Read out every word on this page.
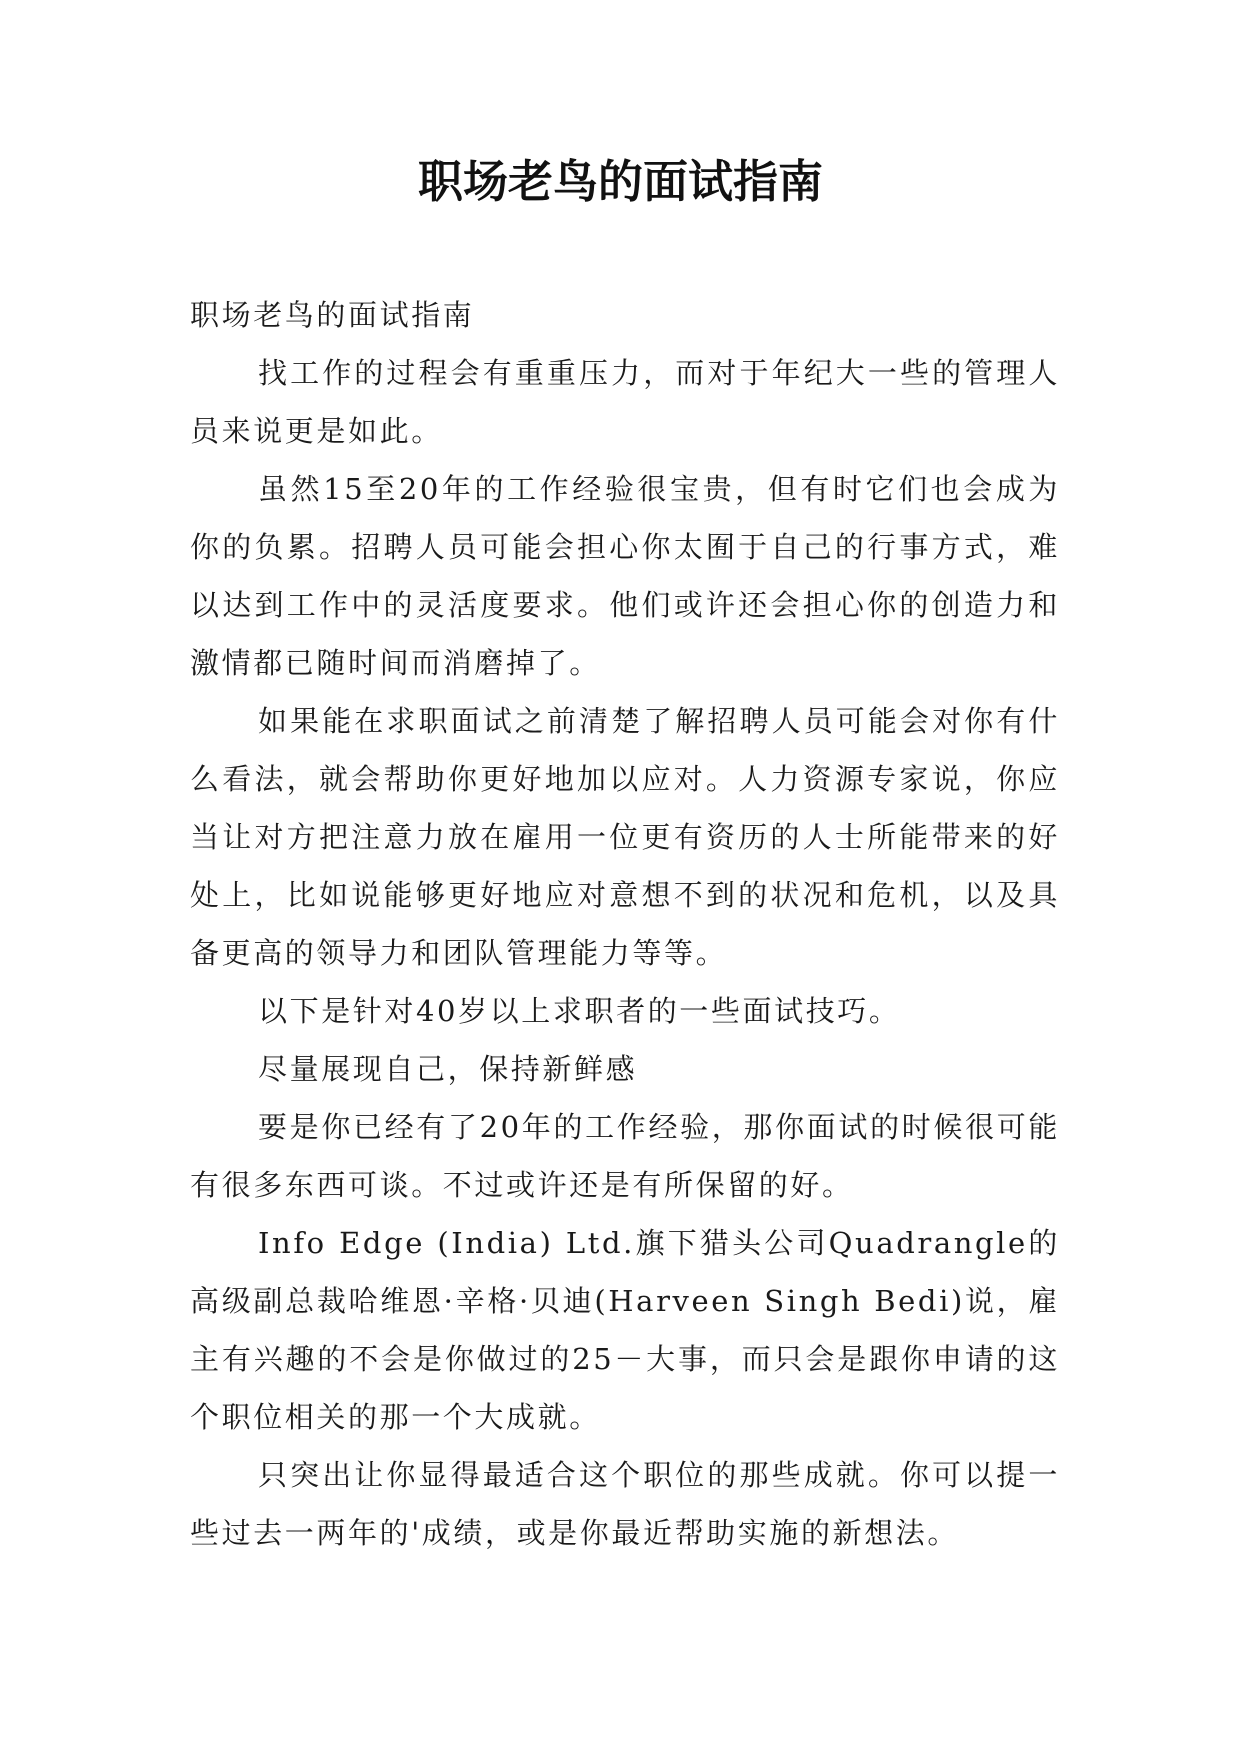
职场老鸟的面试指南

职场老鸟的面试指南

找工作的过程会有重重压力，而对于年纪大一些的管理人员来说更是如此。

虽然15至20年的工作经验很宝贵，但有时它们也会成为你的负累。招聘人员可能会担心你太囿于自己的行事方式，难以达到工作中的灵活度要求。他们或许还会担心你的创造力和激情都已随时间而消磨掉了。

如果能在求职面试之前清楚了解招聘人员可能会对你有什么看法，就会帮助你更好地加以应对。人力资源专家说，你应当让对方把注意力放在雇用一位更有资历的人士所能带来的好处上，比如说能够更好地应对意想不到的状况和危机，以及具备更高的领导力和团队管理能力等等。

以下是针对40岁以上求职者的一些面试技巧。

尽量展现自己，保持新鲜感

要是你已经有了20年的工作经验，那你面试的时候很可能有很多东西可谈。不过或许还是有所保留的好。

Info Edge (India) Ltd.旗下猎头公司Quadrangle的高级副总裁哈维恩·辛格·贝迪(Harveen Singh Bedi)说，雇主有兴趣的不会是你做过的25－大事，而只会是跟你申请的这个职位相关的那一个大成就。

只突出让你显得最适合这个职位的那些成就。你可以提一些过去一两年的'成绩，或是你最近帮助实施的新想法。
